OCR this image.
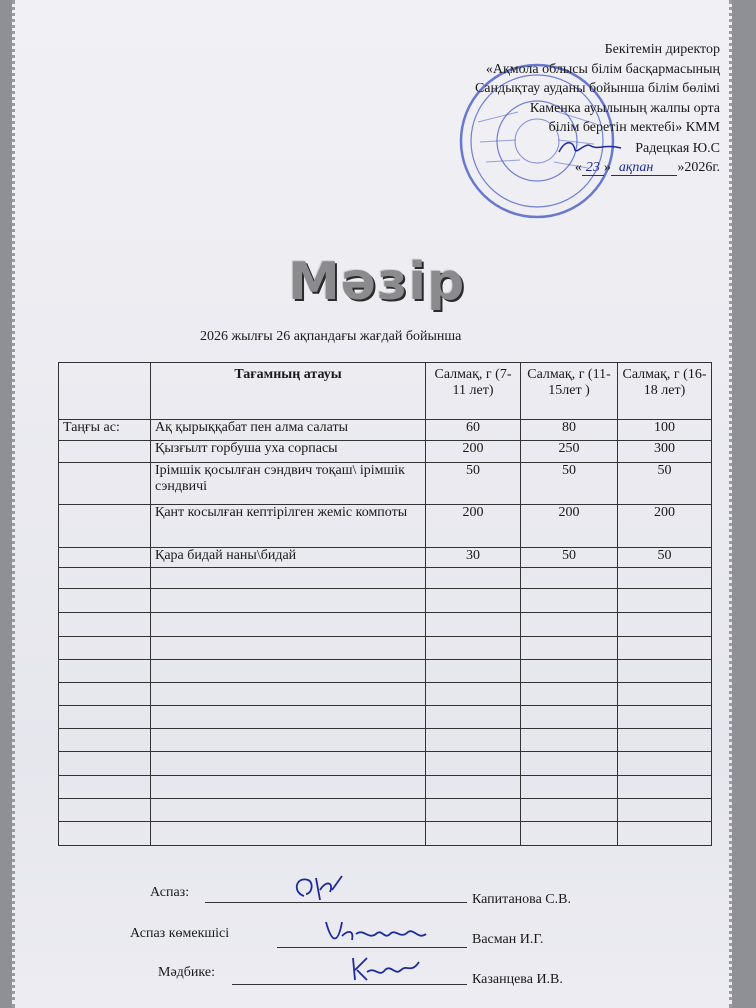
Бекітемін директор
«Ақмола облысы білім басқармасының
Сандықтау ауданы бойынша білім бөлімі
Каменка ауылының жалпы орта
білім беретін мектебі» КММ
Радецкая Ю.С
« 23 » ақпан »2026г.
Мәзір
2026 жылғы 26 ақпандағы жағдай бойынша
	Тағамның атауы	Салмақ, г (7-11 лет)	Салмақ, г (11-15лет )	Салмақ, г (16-18 лет)
Таңғы ас:	Ақ қырыққабат пен алма салаты	60	80	100
	Қызғылт горбуша уха сорпасы	200	250	300
	Ірімшік қосылған сэндвич тоқаш\ ірімшік сэндвичі	50	50	50
	Қант косылған кептірілген жеміс компоты	200	200	200
	Қара бидай наны\бидай	30	50	50

Аспаз:	Капитанова С.В.
Аспаз көмекшісі	Васман И.Г.
Мәдбике:	Казанцева И.В.
